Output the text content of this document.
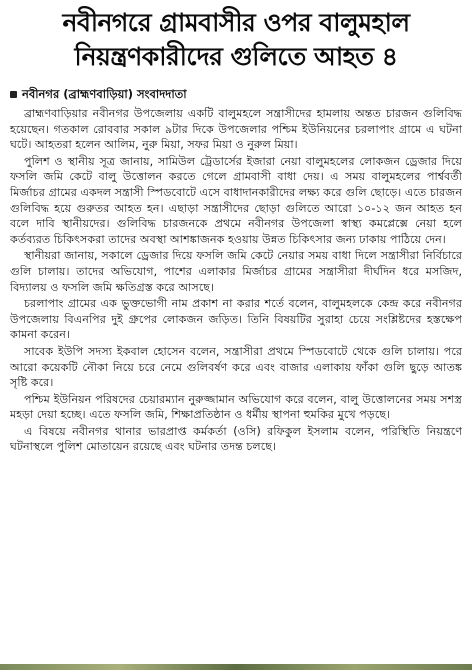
নবীনগরে গ্রামবাসীর ওপর বালুমহাল
নিয়ন্ত্রণকারীদের গুলিতে আহত ৪
নবীনগর (ব্রাহ্মণবাড়িয়া) সংবাদদাতা

ব্রাহ্মণবাড়িয়ার নবীনগর উপজেলায় একটি বালুমহলে সন্ত্রাসীদের হামলায় অন্তত চারজন গুলিবিদ্ধ হয়েছেন। গতকাল রোববার সকাল ৯টার দিকে উপজেলার পশ্চিম ইউনিয়নের চরলাপাং গ্রামে এ ঘটনা ঘটে। আহতরা হলেন আলিম, নুরু মিয়া, সফর মিয়া ও নুরুল মিয়া।

পুলিশ ও স্থানীয় সূত্র জানায়, সামিউল ট্রেডার্সের ইজারা নেয়া বালুমহলের লোকজন ড্রেজার দিয়ে ফসলি জমি কেটে বালু উত্তোলন করতে গেলে গ্রামবাসী বাধা দেয়। এ সময় বালুমহলের পার্শ্ববর্তী মির্জাচর গ্রামের একদল সন্ত্রাসী স্পিডবোটে এসে বাধাদানকারীদের লক্ষ্য করে গুলি ছোড়ে। এতে চারজন গুলিবিদ্ধ হয়ে গুরুতর আহত হন। এছাড়া সন্ত্রাসীদের ছোড়া গুলিতে আরো ১০-১২ জন আহত হন বলে দাবি স্থানীয়দের। গুলিবিদ্ধ চারজনকে প্রথমে নবীনগর উপজেলা স্বাস্থ্য কমপ্লেক্সে নেয়া হলে কর্তব্যরত চিকিৎসকরা তাদের অবস্থা আশঙ্কাজনক হওয়ায় উন্নত চিকিৎসার জন্য ঢাকায় পাঠিয়ে দেন।

স্থানীয়রা জানায়, সকালে ড্রেজার দিয়ে ফসলি জমি কেটে নেয়ার সময় বাধা দিলে সন্ত্রাসীরা নির্বিচারে গুলি চালায়। তাদের অভিযোগ, পাশের এলাকার মির্জাচর গ্রামের সন্ত্রাসীরা দীর্ঘদিন ধরে মসজিদ, বিদ্যালয় ও ফসলি জমি ক্ষতিগ্রস্ত করে আসছে।

চরলাপাং গ্রামের এক ভুক্তভোগী নাম প্রকাশ না করার শর্তে বলেন, বালুমহলকে কেন্দ্র করে নবীনগর উপজেলায় বিএনপির দুই গ্রুপের লোকজন জড়িত। তিনি বিষয়টির সুরাহা চেয়ে সংশ্লিষ্টদের হস্তক্ষেপ কামনা করেন।

সাবেক ইউপি সদস্য ইকবাল হোসেন বলেন, সন্ত্রাসীরা প্রথমে স্পিডবোটে থেকে গুলি চালায়। পরে আরো কয়েকটি নৌকা নিয়ে চরে নেমে গুলিবর্ষণ করে এবং বাজার এলাকায় ফাঁকা গুলি ছুড়ে আতঙ্ক সৃষ্টি করে।

পশ্চিম ইউনিয়ন পরিষদের চেয়ারম্যান নুরুজ্জামান অভিযোগ করে বলেন, বালু উত্তোলনের সময় সশস্ত্র মহড়া দেয়া হচ্ছে। এতে ফসলি জমি, শিক্ষাপ্রতিষ্ঠান ও ধর্মীয় স্থাপনা হুমকির মুখে পড়ছে।

এ বিষয়ে নবীনগর থানার ভারপ্রাপ্ত কর্মকর্তা (ওসি) রফিকুল ইসলাম বলেন, পরিস্থিতি নিয়ন্ত্রণে ঘটনাস্থলে পুলিশ মোতায়েন রয়েছে এবং ঘটনার তদন্ত চলছে।
